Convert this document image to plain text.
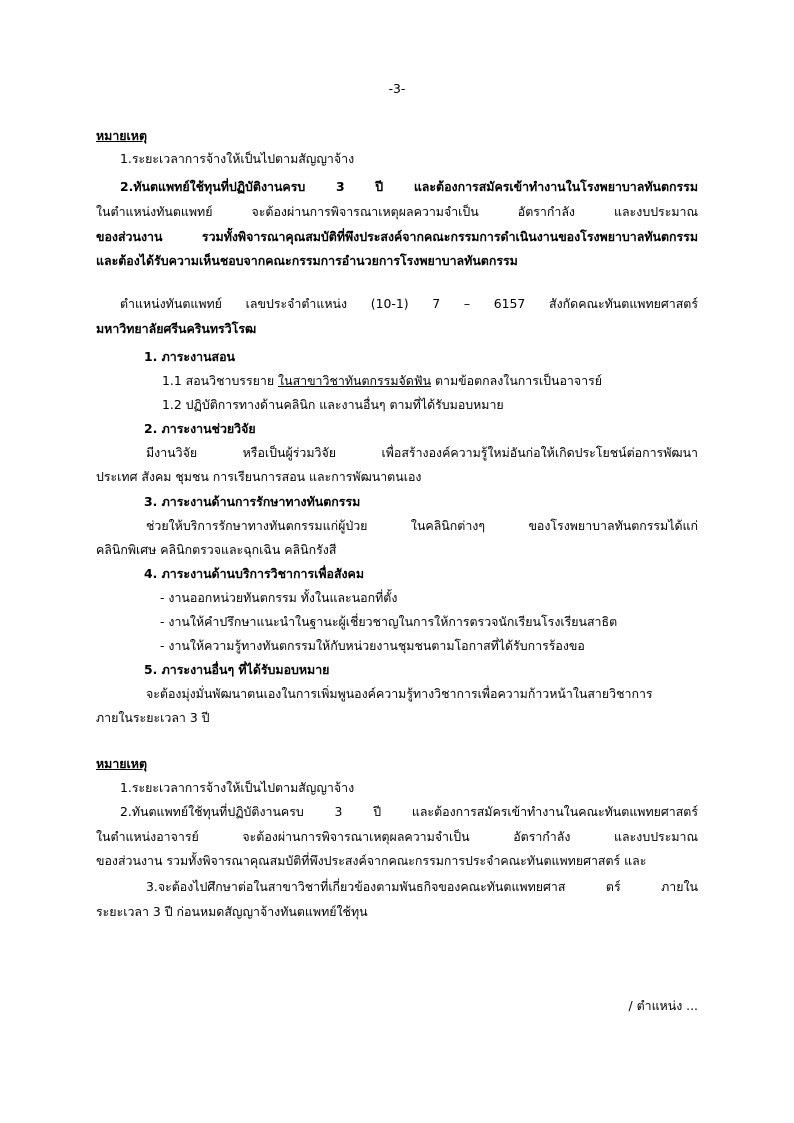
-3-
หมายเหตุ
1.ระยะเวลาการจ้างให้เป็นไปตามสัญญาจ้าง
2.ทันตแพทย์ใช้ทุนที่ปฏิบัติงานครบ 3 ปี และต้องการสมัครเข้าทำงานในโรงพยาบาลทันตกรรม
ในตำแหน่งทันตแพทย์ จะต้องผ่านการพิจารณาเหตุผลความจำเป็น อัตรากำลัง และงบประมาณ
ของส่วนงาน รวมทั้งพิจารณาคุณสมบัติที่พึงประสงค์จากคณะกรรมการดำเนินงานของโรงพยาบาลทันตกรรม
และต้องได้รับความเห็นชอบจากคณะกรรมการอำนวยการโรงพยาบาลทันตกรรม
ตำแหน่งทันตแพทย์ เลขประจำตำแหน่ง (10-1) 7 – 6157 สังกัดคณะทันตแพทยศาสตร์
มหาวิทยาลัยศรีนครินทรวิโรฒ
1. ภาระงานสอน
1.1 สอนวิชาบรรยาย ในสาขาวิชาทันตกรรมจัดฟัน ตามข้อตกลงในการเป็นอาจารย์
1.2 ปฏิบัติการทางด้านคลินิก และงานอื่นๆ ตามที่ได้รับมอบหมาย
2. ภาระงานช่วยวิจัย
มีงานวิจัย หรือเป็นผู้ร่วมวิจัย เพื่อสร้างองค์ความรู้ใหม่อันก่อให้เกิดประโยชน์ต่อการพัฒนา
ประเทศ สังคม ชุมชน การเรียนการสอน และการพัฒนาตนเอง
3. ภาระงานด้านการรักษาทางทันตกรรม
ช่วยให้บริการรักษาทางทันตกรรมแก่ผู้ป่วย ในคลินิกต่างๆ ของโรงพยาบาลทันตกรรมได้แก่
คลินิกพิเศษ คลินิกตรวจและฉุกเฉิน คลินิกรังสี
4. ภาระงานด้านบริการวิชาการเพื่อสังคม
- งานออกหน่วยทันตกรรม ทั้งในและนอกที่ตั้ง
- งานให้คำปรึกษาแนะนำในฐานะผู้เชี่ยวชาญในการให้การตรวจนักเรียนโรงเรียนสาธิต
- งานให้ความรู้ทางทันตกรรมให้กับหน่วยงานชุมชนตามโอกาสที่ได้รับการร้องขอ
5. ภาระงานอื่นๆ ที่ได้รับมอบหมาย
จะต้องมุ่งมั่นพัฒนาตนเองในการเพิ่มพูนองค์ความรู้ทางวิชาการเพื่อความก้าวหน้าในสายวิชาการ
ภายในระยะเวลา 3 ปี
หมายเหตุ
1.ระยะเวลาการจ้างให้เป็นไปตามสัญญาจ้าง
2.ทันตแพทย์ใช้ทุนที่ปฏิบัติงานครบ 3 ปี และต้องการสมัครเข้าทำงานในคณะทันตแพทยศาสตร์
ในตำแหน่งอาจารย์ จะต้องผ่านการพิจารณาเหตุผลความจำเป็น อัตรากำลัง และงบประมาณ
ของส่วนงาน รวมทั้งพิจารณาคุณสมบัติที่พึงประสงค์จากคณะกรรมการประจำคณะทันตแพทยศาสตร์ และ
3.จะต้องไปศึกษาต่อในสาขาวิชาที่เกี่ยวข้องตามพันธกิจของคณะทันตแพทยศาส ตร์ ภายใน
ระยะเวลา 3 ปี ก่อนหมดสัญญาจ้างทันตแพทย์ใช้ทุน
/ ตำแหน่ง ...
